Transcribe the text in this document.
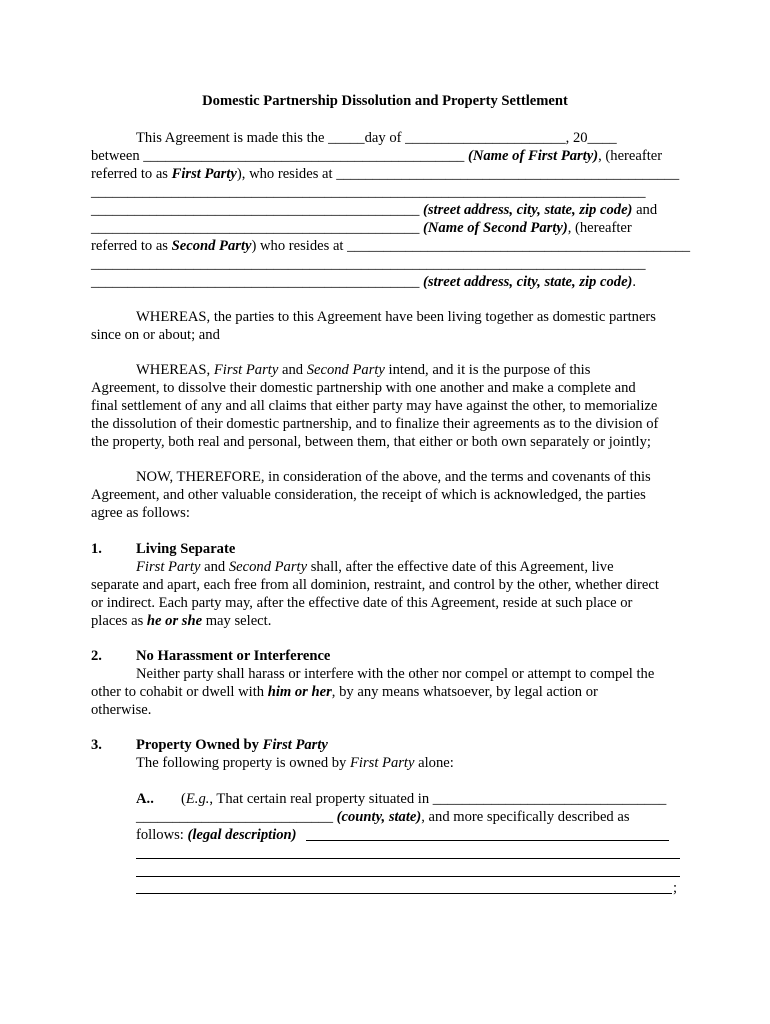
Domestic Partnership Dissolution and Property Settlement
This Agreement is made this the _____day of ______________________, 20____
between ____________________________________________ (Name of First Party), (hereafter
referred to as First Party), who resides at _______________________________________________
____________________________________________________________________________
_____________________________________________ (street address, city, state, zip code) and
_____________________________________________ (Name of Second Party), (hereafter
referred to as Second Party) who resides at _______________________________________________
____________________________________________________________________________
_____________________________________________ (street address, city, state, zip code).
WHEREAS, the parties to this Agreement have been living together as domestic partners
since on or about; and
WHEREAS, First Party and Second Party intend, and it is the purpose of this
Agreement, to dissolve their domestic partnership with one another and make a complete and
final settlement of any and all claims that either party may have against the other, to memorialize
the dissolution of their domestic partnership, and to finalize their agreements as to the division of
the property, both real and personal, between them, that either or both own separately or jointly;
NOW, THEREFORE, in consideration of the above, and the terms and covenants of this
Agreement, and other valuable consideration, the receipt of which is acknowledged, the parties
agree as follows:
1. Living Separate
First Party and Second Party shall, after the effective date of this Agreement, live
separate and apart, each free from all dominion, restraint, and control by the other, whether direct
or indirect. Each party may, after the effective date of this Agreement, reside at such place or
places as he or she may select.
2. No Harassment or Interference
Neither party shall harass or interfere with the other nor compel or attempt to compel the
other to cohabit or dwell with him or her, by any means whatsoever, by legal action or
otherwise.
3. Property Owned by First Party
The following property is owned by First Party alone:
A.. (E.g., That certain real property situated in ________________________________
___________________________ (county, state), and more specifically described as
follows: (legal description)
;
